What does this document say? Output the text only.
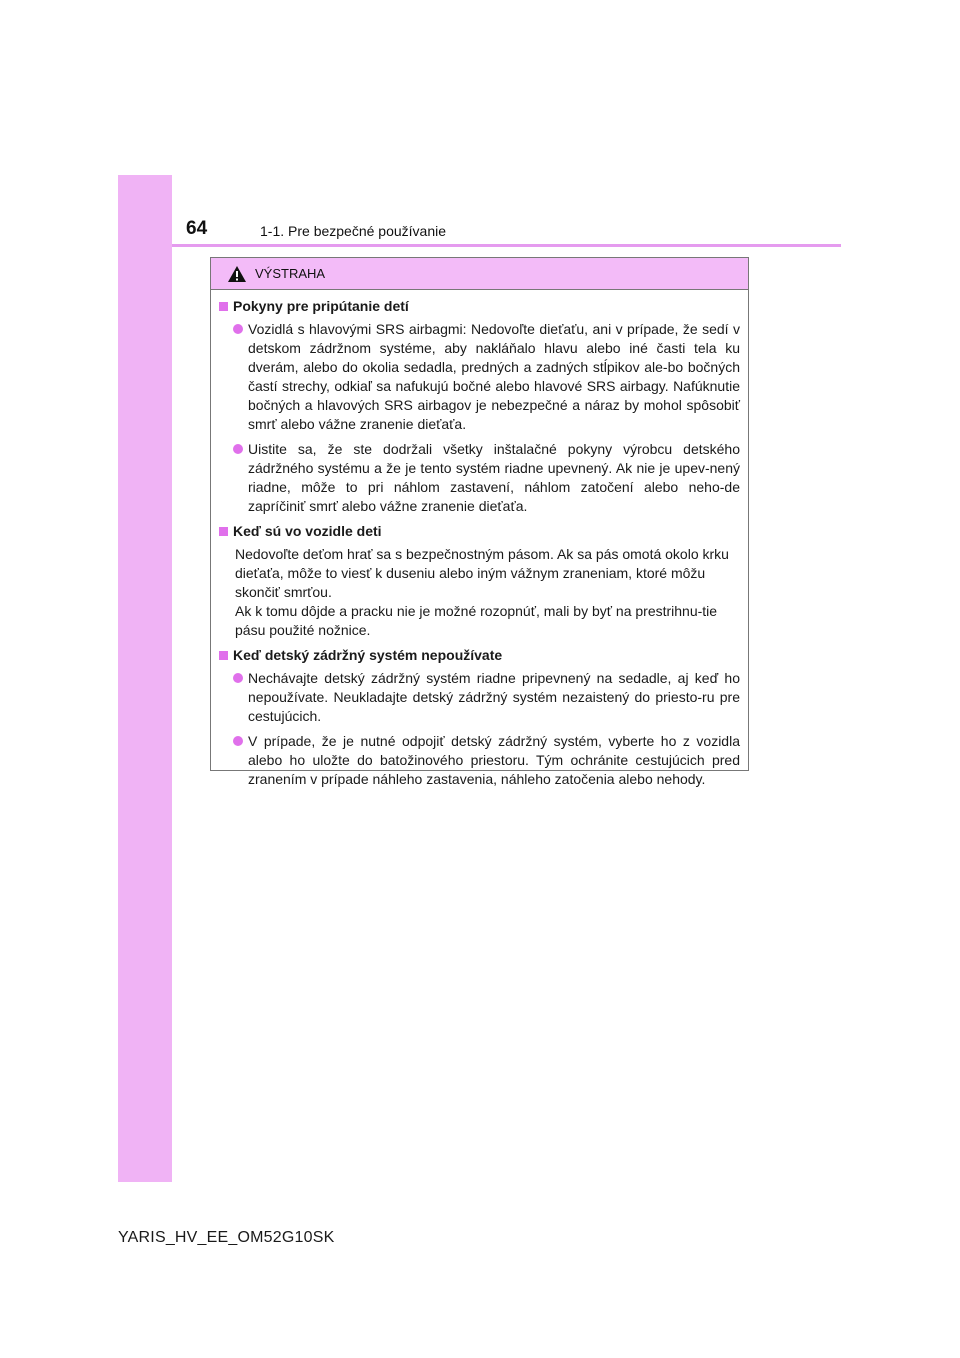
64	1-1. Pre bezpečné používanie
VÝSTRAHA
Pokyny pre pripútanie detí
Vozidlá s hlavovými SRS airbagmi: Nedovoľte dieťaťu, ani v prípade, že sedí v detskom zádržnom systéme, aby nakláňalo hlavu alebo iné časti tela ku dverám, alebo do okolia sedadla, predných a zadných stĺpikov ale-bo bočných častí strechy, odkiaľ sa nafukujú bočné alebo hlavové SRS airbagy. Nafúknutie bočných a hlavových SRS airbagov je nebezpečné a náraz by mohol spôsobiť smrť alebo vážne zranenie dieťaťa.
Uistite sa, že ste dodržali všetky inštalačné pokyny výrobcu detského zádržného systému a že je tento systém riadne upevnený. Ak nie je upev-nený riadne, môže to pri náhlom zastavení, náhlom zatočení alebo neho-de zapríčiniť smrť alebo vážne zranenie dieťaťa.
Keď sú vo vozidle deti
Nedovoľte deťom hrať sa s bezpečnostným pásom. Ak sa pás omotá okolo krku dieťaťa, môže to viesť k duseniu alebo iným vážnym zraneniam, ktoré môžu skončiť smrťou.
Ak k tomu dôjde a pracku nie je možné rozopnúť, mali by byť na prestrihnu-tie pásu použité nožnice.
Keď detský zádržný systém nepoužívate
Nechávajte detský zádržný systém riadne pripevnený na sedadle, aj keď ho nepoužívate. Neukladajte detský zádržný systém nezaistený do priesto-ru pre cestujúcich.
V prípade, že je nutné odpojiť detský zádržný systém, vyberte ho z vozidla alebo ho uložte do batožinového priestoru. Tým ochránite cestujúcich pred zranením v prípade náhleho zastavenia, náhleho zatočenia alebo nehody.
YARIS_HV_EE_OM52G10SK
